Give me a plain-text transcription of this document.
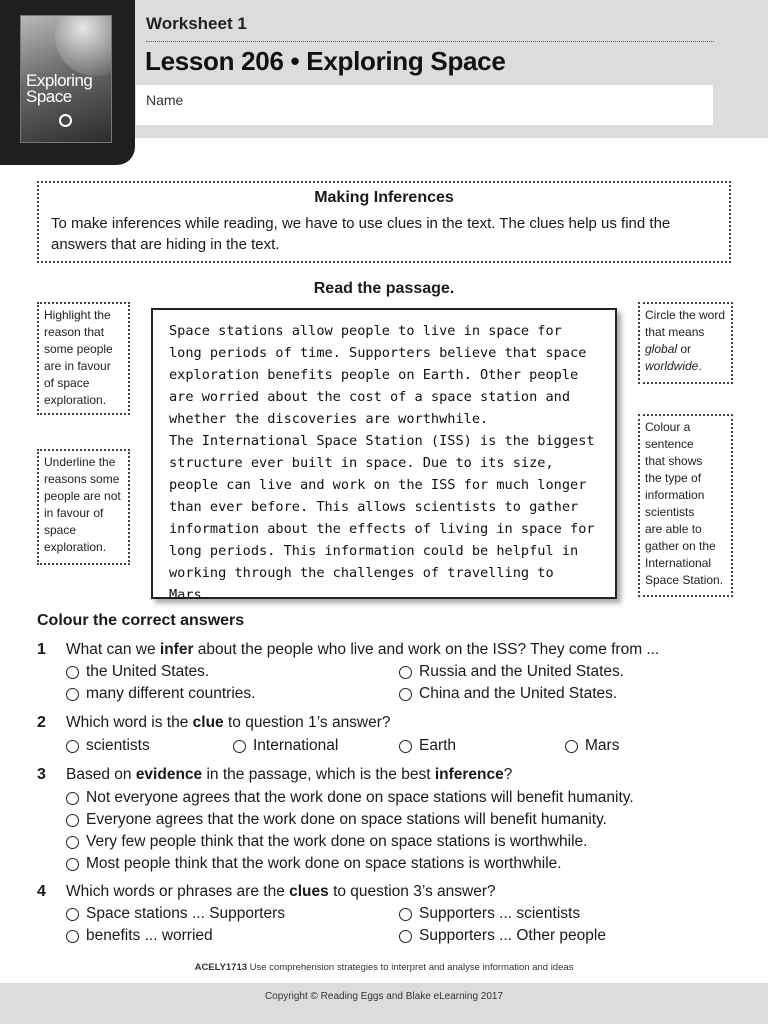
Exploring
Space
Worksheet 1
Lesson 206 • Exploring Space
Name
Making Inferences
To make inferences while reading, we have to use clues in the text. The clues help us find the answers that are hiding in the text.
Read the passage.
Highlight the reason that some people are in favour of space exploration.
Underline the reasons some people are not in favour of space exploration.
Circle the word that means global or worldwide.
Colour a
sentence
that shows
the type of
information
scientists
are able to
gather on the
International
Space Station.

Space stations allow people to live in space for long periods of time. Supporters believe that space exploration benefits people on Earth. Other people are worried about the cost of a space station and whether the discoveries are worthwhile.

The International Space Station (ISS) is the biggest structure ever built in space. Due to its size, people can live and work on the ISS for much longer than ever before. This allows scientists to gather information about the effects of living in space for long periods. This information could be helpful in working through the challenges of travelling to Mars.

Colour the correct answers
1 What can we infer about the people who live and work on the ISS? They come from ...
the United States.	Russia and the United States.
many different countries.	China and the United States.
2 Which word is the clue to question 1’s answer?
scientists	International	Earth	Mars
3 Based on evidence in the passage, which is the best inference?
Not everyone agrees that the work done on space stations will benefit humanity.
Everyone agrees that the work done on space stations will benefit humanity.
Very few people think that the work done on space stations is worthwhile.
Most people think that the work done on space stations is worthwhile.
4 Which words or phrases are the clues to question 3’s answer?
Space stations ... Supporters	Supporters ... scientists
benefits ... worried	Supporters ... Other people
ACELY1713 Use comprehension strategies to interpret and analyse information and ideas
Copyright © Reading Eggs and Blake eLearning 2017
